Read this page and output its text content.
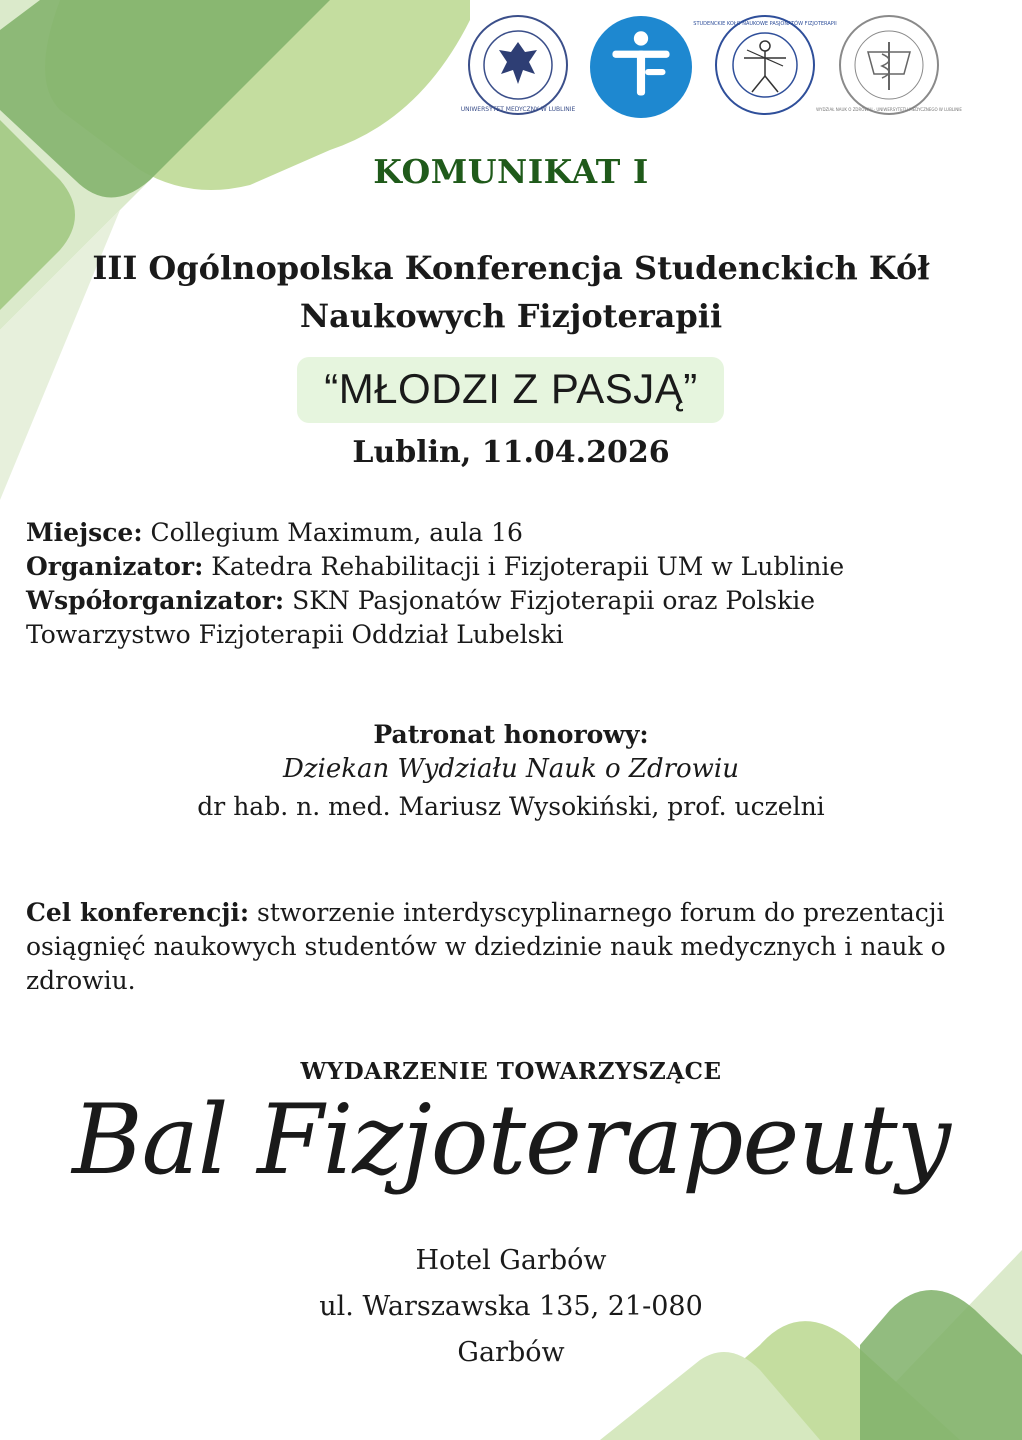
UNIWERSYTET MEDYCZNY W LUBLINIE
STUDENCKIE KOŁO NAUKOWE PASJONATÓW FIZJOTERAPII
WYDZIAŁ NAUK O ZDROWIU · UNIWERSYTETU MEDYCZNEGO W LUBLINIE
KOMUNIKAT I
III Ogólnopolska Konferencja Studenckich Kół
Naukowych Fizjoterapii
“MŁODZI Z PASJĄ”
Lublin, 11.04.2026
Miejsce: Collegium Maximum, aula 16
Organizator: Katedra Rehabilitacji i Fizjoterapii UM w Lublinie
Współorganizator: SKN Pasjonatów Fizjoterapii oraz Polskie
Towarzystwo Fizjoterapii Oddział Lubelski
Patronat honorowy:
Dziekan Wydziału Nauk o Zdrowiu
dr hab. n. med. Mariusz Wysokiński, prof. uczelni
Cel konferencji: stworzenie interdyscyplinarnego forum do prezentacji osiągnięć naukowych studentów w dziedzinie nauk medycznych i nauk o zdrowiu.
WYDARZENIE TOWARZYSZĄCE
Bal Fizjoterapeuty
Hotel Garbów
ul. Warszawska 135, 21-080
Garbów
